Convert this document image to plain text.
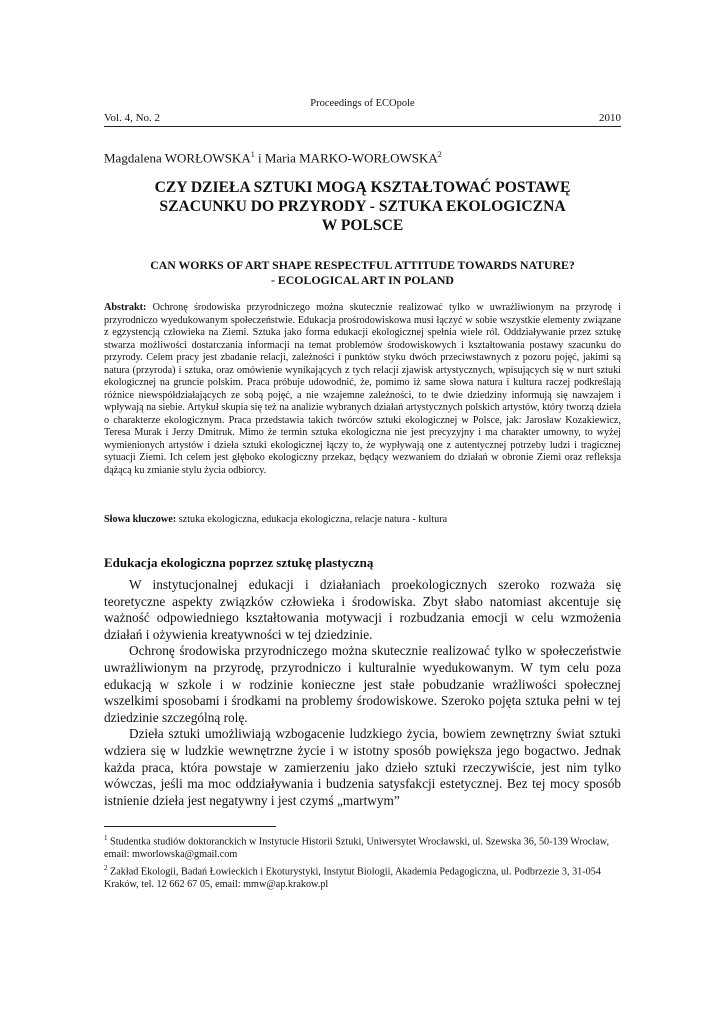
Proceedings of ECOpole
Vol. 4, No. 2	2010
Magdalena WORŁOWSKA$^1$ i Maria MARKO-WORŁOWSKA$^2$
CZY DZIEŁA SZTUKI MOGĄ KSZTAŁTOWAĆ POSTAWĘ
SZACUNKU DO PRZYRODY - SZTUKA EKOLOGICZNA
W POLSCE
CAN WORKS OF ART SHAPE RESPECTFUL ATTITUDE TOWARDS NATURE?
- ECOLOGICAL ART IN POLAND
Abstrakt: Ochronę środowiska przyrodniczego można skutecznie realizować tylko w uwrażliwionym na przyrodę i przyrodniczo wyedukowanym społeczeństwie. Edukacja prośrodowiskowa musi łączyć w sobie wszystkie elementy związane z egzystencją człowieka na Ziemi. Sztuka jako forma edukacji ekologicznej spełnia wiele ról. Oddziaływanie przez sztukę stwarza możliwości dostarczania informacji na temat problemów środowiskowych i kształtowania postawy szacunku do przyrody. Celem pracy jest zbadanie relacji, zależności i punktów styku dwóch przeciwstawnych z pozoru pojęć, jakimi są natura (przyroda) i sztuka, oraz omówienie wynikających z tych relacji zjawisk artystycznych, wpisujących się w nurt sztuki ekologicznej na gruncie polskim. Praca próbuje udowodnić, że, pomimo iż same słowa natura i kultura raczej podkreślają różnice niewspółdziałających ze sobą pojęć, a nie wzajemne zależności, to te dwie dziedziny informują się nawzajem i wpływają na siebie. Artykuł skupia się też na analizie wybranych działań artystycznych polskich artystów, który tworzą dzieła o charakterze ekologicznym. Praca przedstawia takich twórców sztuki ekologicznej w Polsce, jak: Jarosław Kozakiewicz, Teresa Murak i Jerzy Dmitruk. Mimo że termin sztuka ekologiczna nie jest precyzyjny i ma charakter umowny, to wyżej wymienionych artystów i dzieła sztuki ekologicznej łączy to, że wypływają one z autentycznej potrzeby ludzi i tragicznej sytuacji Ziemi. Ich celem jest głęboko ekologiczny przekaz, będący wezwaniem do działań w obronie Ziemi oraz refleksja dążącą ku zmianie stylu życia odbiorcy.
Słowa kluczowe: sztuka ekologiczna, edukacja ekologiczna, relacje natura - kultura
Edukacja ekologiczna poprzez sztukę plastyczną

W instytucjonalnej edukacji i działaniach proekologicznych szeroko rozważa się teoretyczne aspekty związków człowieka i środowiska. Zbyt słabo natomiast akcentuje się ważność odpowiedniego kształtowania motywacji i rozbudzania emocji w celu wzmożenia działań i ożywienia kreatywności w tej dziedzinie.

Ochronę środowiska przyrodniczego można skutecznie realizować tylko w społeczeństwie uwrażliwionym na przyrodę, przyrodniczo i kulturalnie wyedukowanym. W tym celu poza edukacją w szkole i w rodzinie konieczne jest stałe pobudzanie wrażliwości społecznej wszelkimi sposobami i środkami na problemy środowiskowe. Szeroko pojęta sztuka pełni w tej dziedzinie szczególną rolę.

Dzieła sztuki umożliwiają wzbogacenie ludzkiego życia, bowiem zewnętrzny świat sztuki wdziera się w ludzkie wewnętrzne życie i w istotny sposób powiększa jego bogactwo. Jednak każda praca, która powstaje w zamierzeniu jako dzieło sztuki rzeczywiście, jest nim tylko wówczas, jeśli ma moc oddziaływania i budzenia satysfakcji estetycznej. Bez tej mocy sposób istnienie dzieła jest negatywny i jest czymś „martwym”

$^1$ Studentka studiów doktoranckich w Instytucie Historii Sztuki, Uniwersytet Wrocławski, ul. Szewska 36, 50-139 Wrocław, email: mworlowska@gmail.com

$^2$ Zakład Ekologii, Badań Łowieckich i Ekoturystyki, Instytut Biologii, Akademia Pedagogiczna, ul. Podbrzezie 3, 31-054 Kraków, tel. 12 662 67 05, email: mmw@ap.krakow.pl
